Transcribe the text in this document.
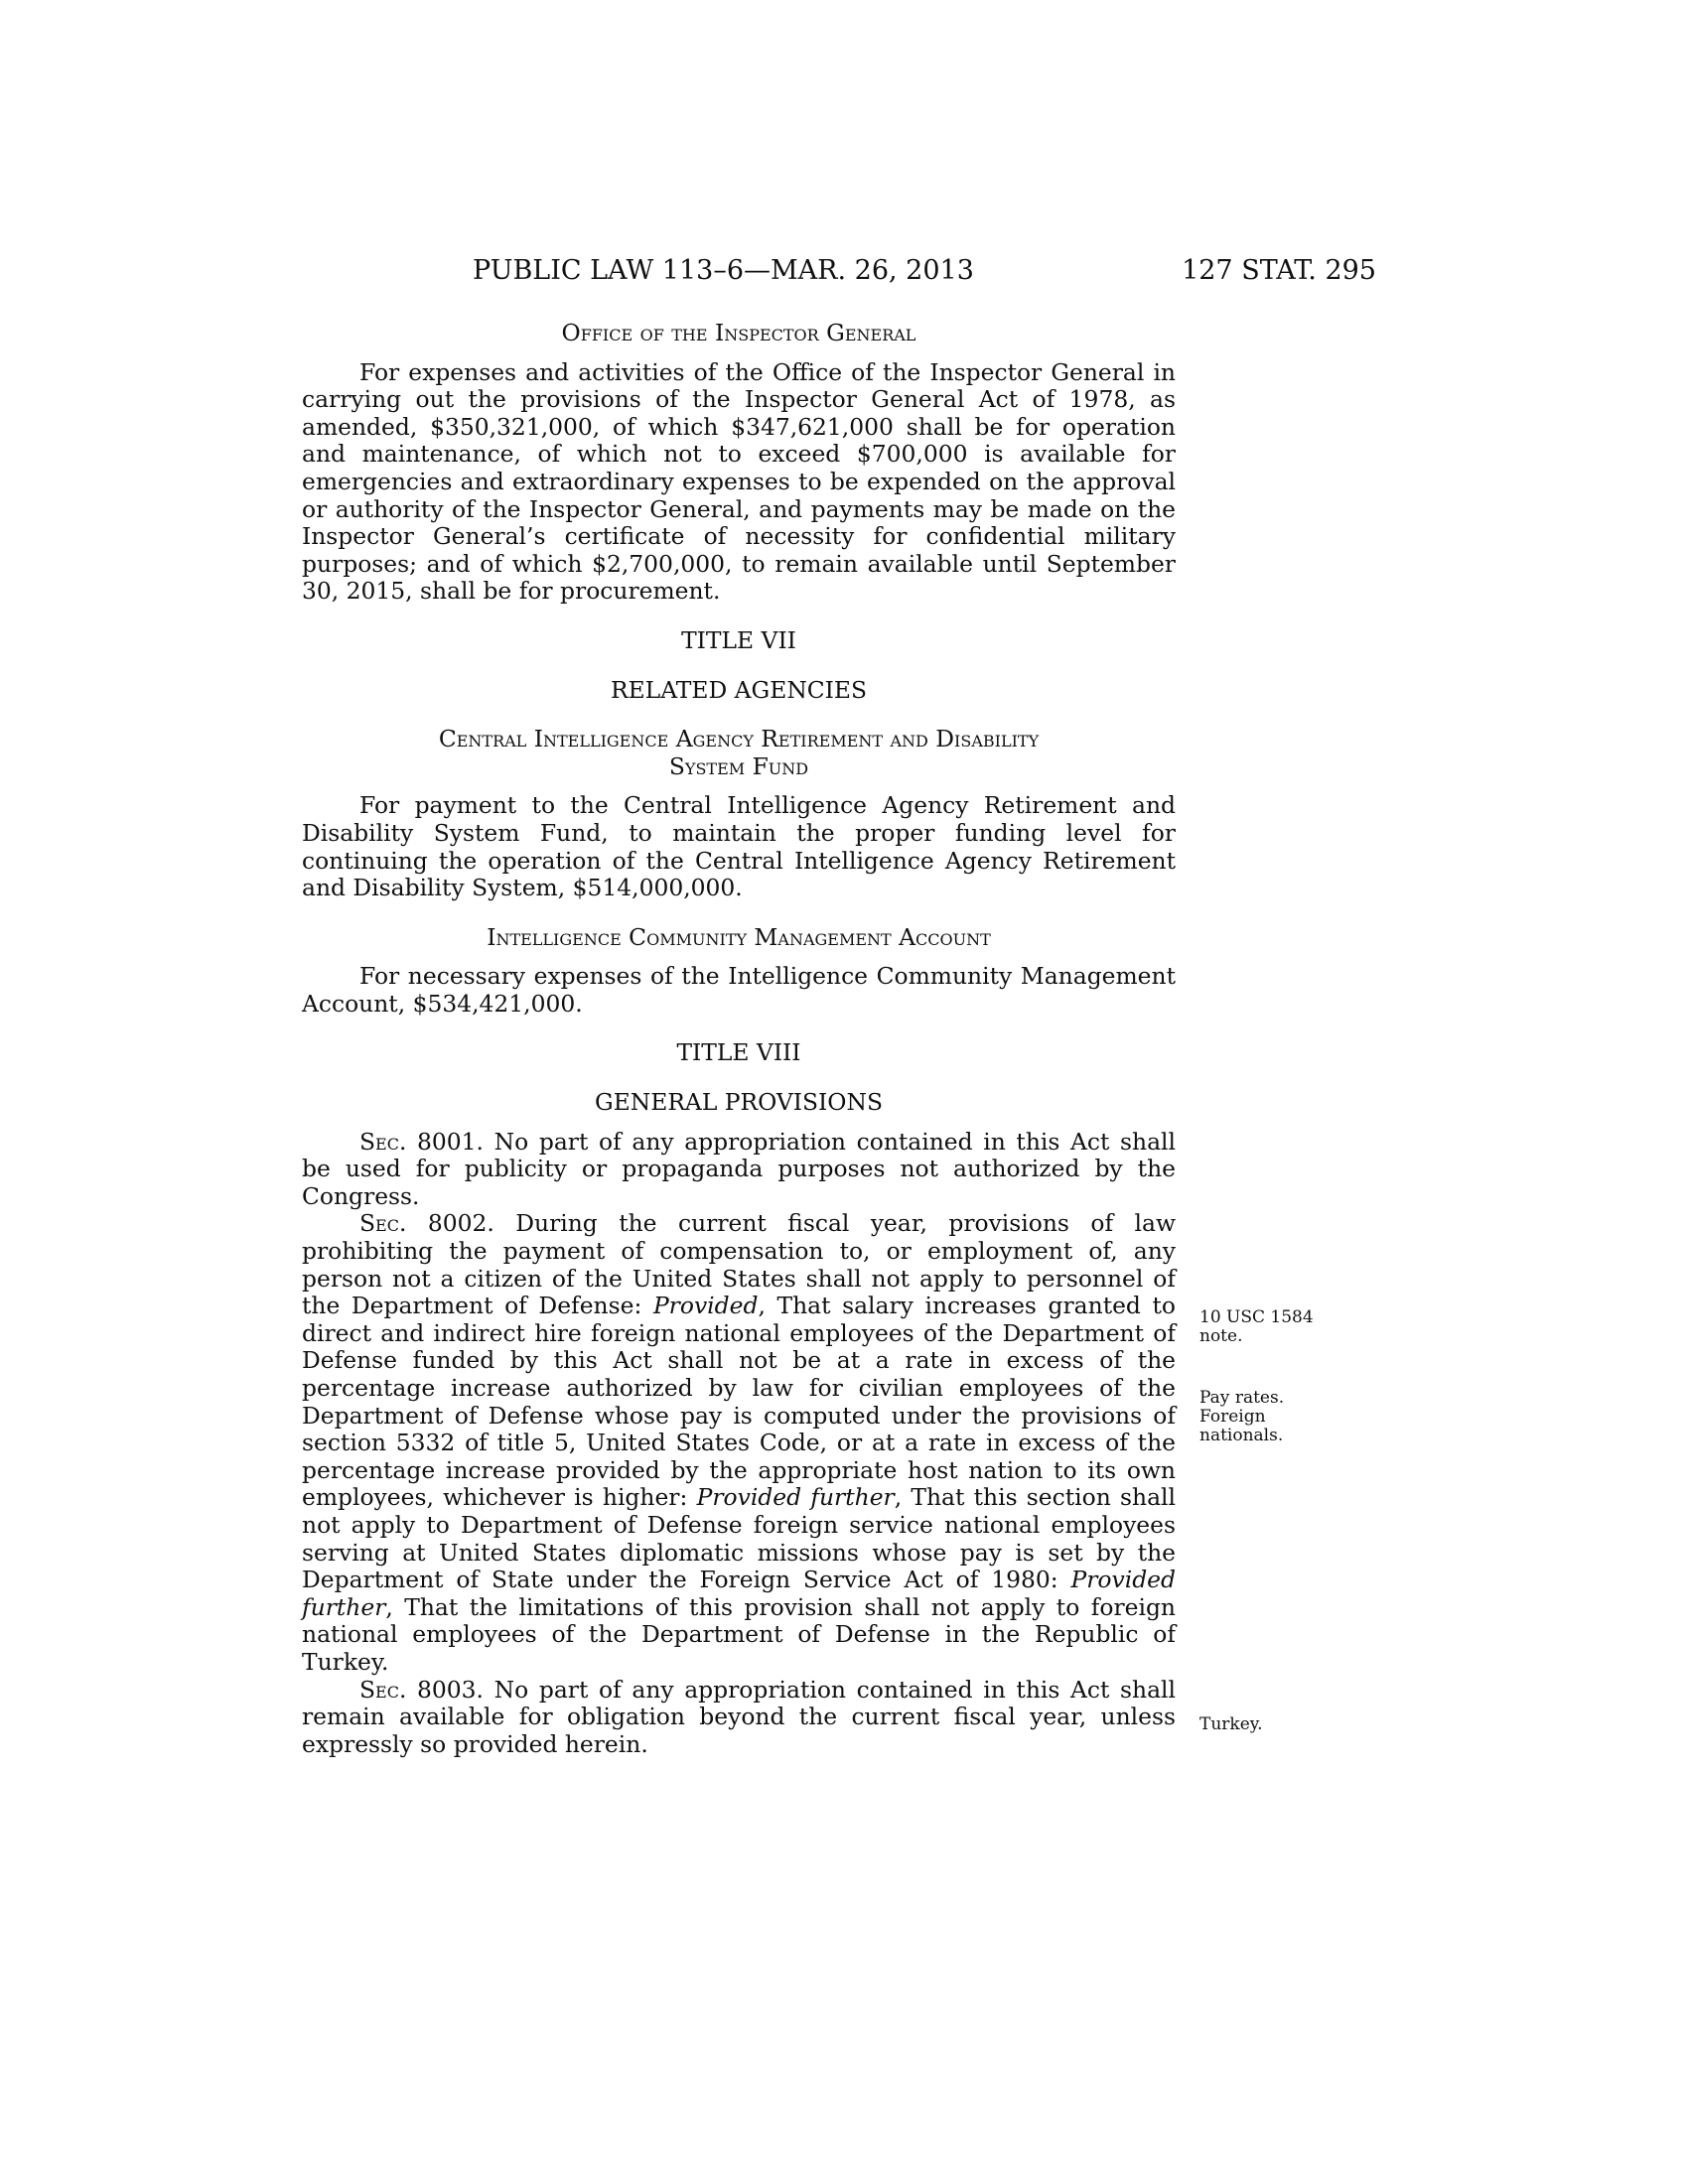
PUBLIC LAW 113–6—MAR. 26, 2013	127 STAT. 295
Office of the Inspector General

For expenses and activities of the Office of the Inspector General in carrying out the provisions of the Inspector General Act of 1978, as amended, $350,321,000, of which $347,621,000 shall be for operation and maintenance, of which not to exceed $700,000 is available for emergencies and extraordinary expenses to be expended on the approval or authority of the Inspector General, and payments may be made on the Inspector General’s certificate of necessity for confidential military purposes; and of which $2,700,000, to remain available until September 30, 2015, shall be for procurement.

TITLE VII
RELATED AGENCIES
Central Intelligence Agency Retirement and Disability
System Fund

For payment to the Central Intelligence Agency Retirement and Disability System Fund, to maintain the proper funding level for continuing the operation of the Central Intelligence Agency Retirement and Disability System, $514,000,000.

Intelligence Community Management Account

For necessary expenses of the Intelligence Community Management Account, $534,421,000.

TITLE VIII
GENERAL PROVISIONS

Sec. 8001. No part of any appropriation contained in this Act shall be used for publicity or propaganda purposes not authorized by the Congress.

Sec. 8002. During the current fiscal year, provisions of law prohibiting the payment of compensation to, or employment of, any person not a citizen of the United States shall not apply to personnel of the Department of Defense: Provided, That salary increases granted to direct and indirect hire foreign national employees of the Department of Defense funded by this Act shall not be at a rate in excess of the percentage increase authorized by law for civilian employees of the Department of Defense whose pay is computed under the provisions of section 5332 of title 5, United States Code, or at a rate in excess of the percentage increase provided by the appropriate host nation to its own employees, whichever is higher: Provided further, That this section shall not apply to Department of Defense foreign service national employees serving at United States diplomatic missions whose pay is set by the Department of State under the Foreign Service Act of 1980: Provided further, That the limitations of this provision shall not apply to foreign national employees of the Department of Defense in the Republic of Turkey.

Sec. 8003. No part of any appropriation contained in this Act shall remain available for obligation beyond the current fiscal year, unless expressly so provided herein.

10 USC 1584
note.
Pay rates.
Foreign
nationals.
Turkey.
